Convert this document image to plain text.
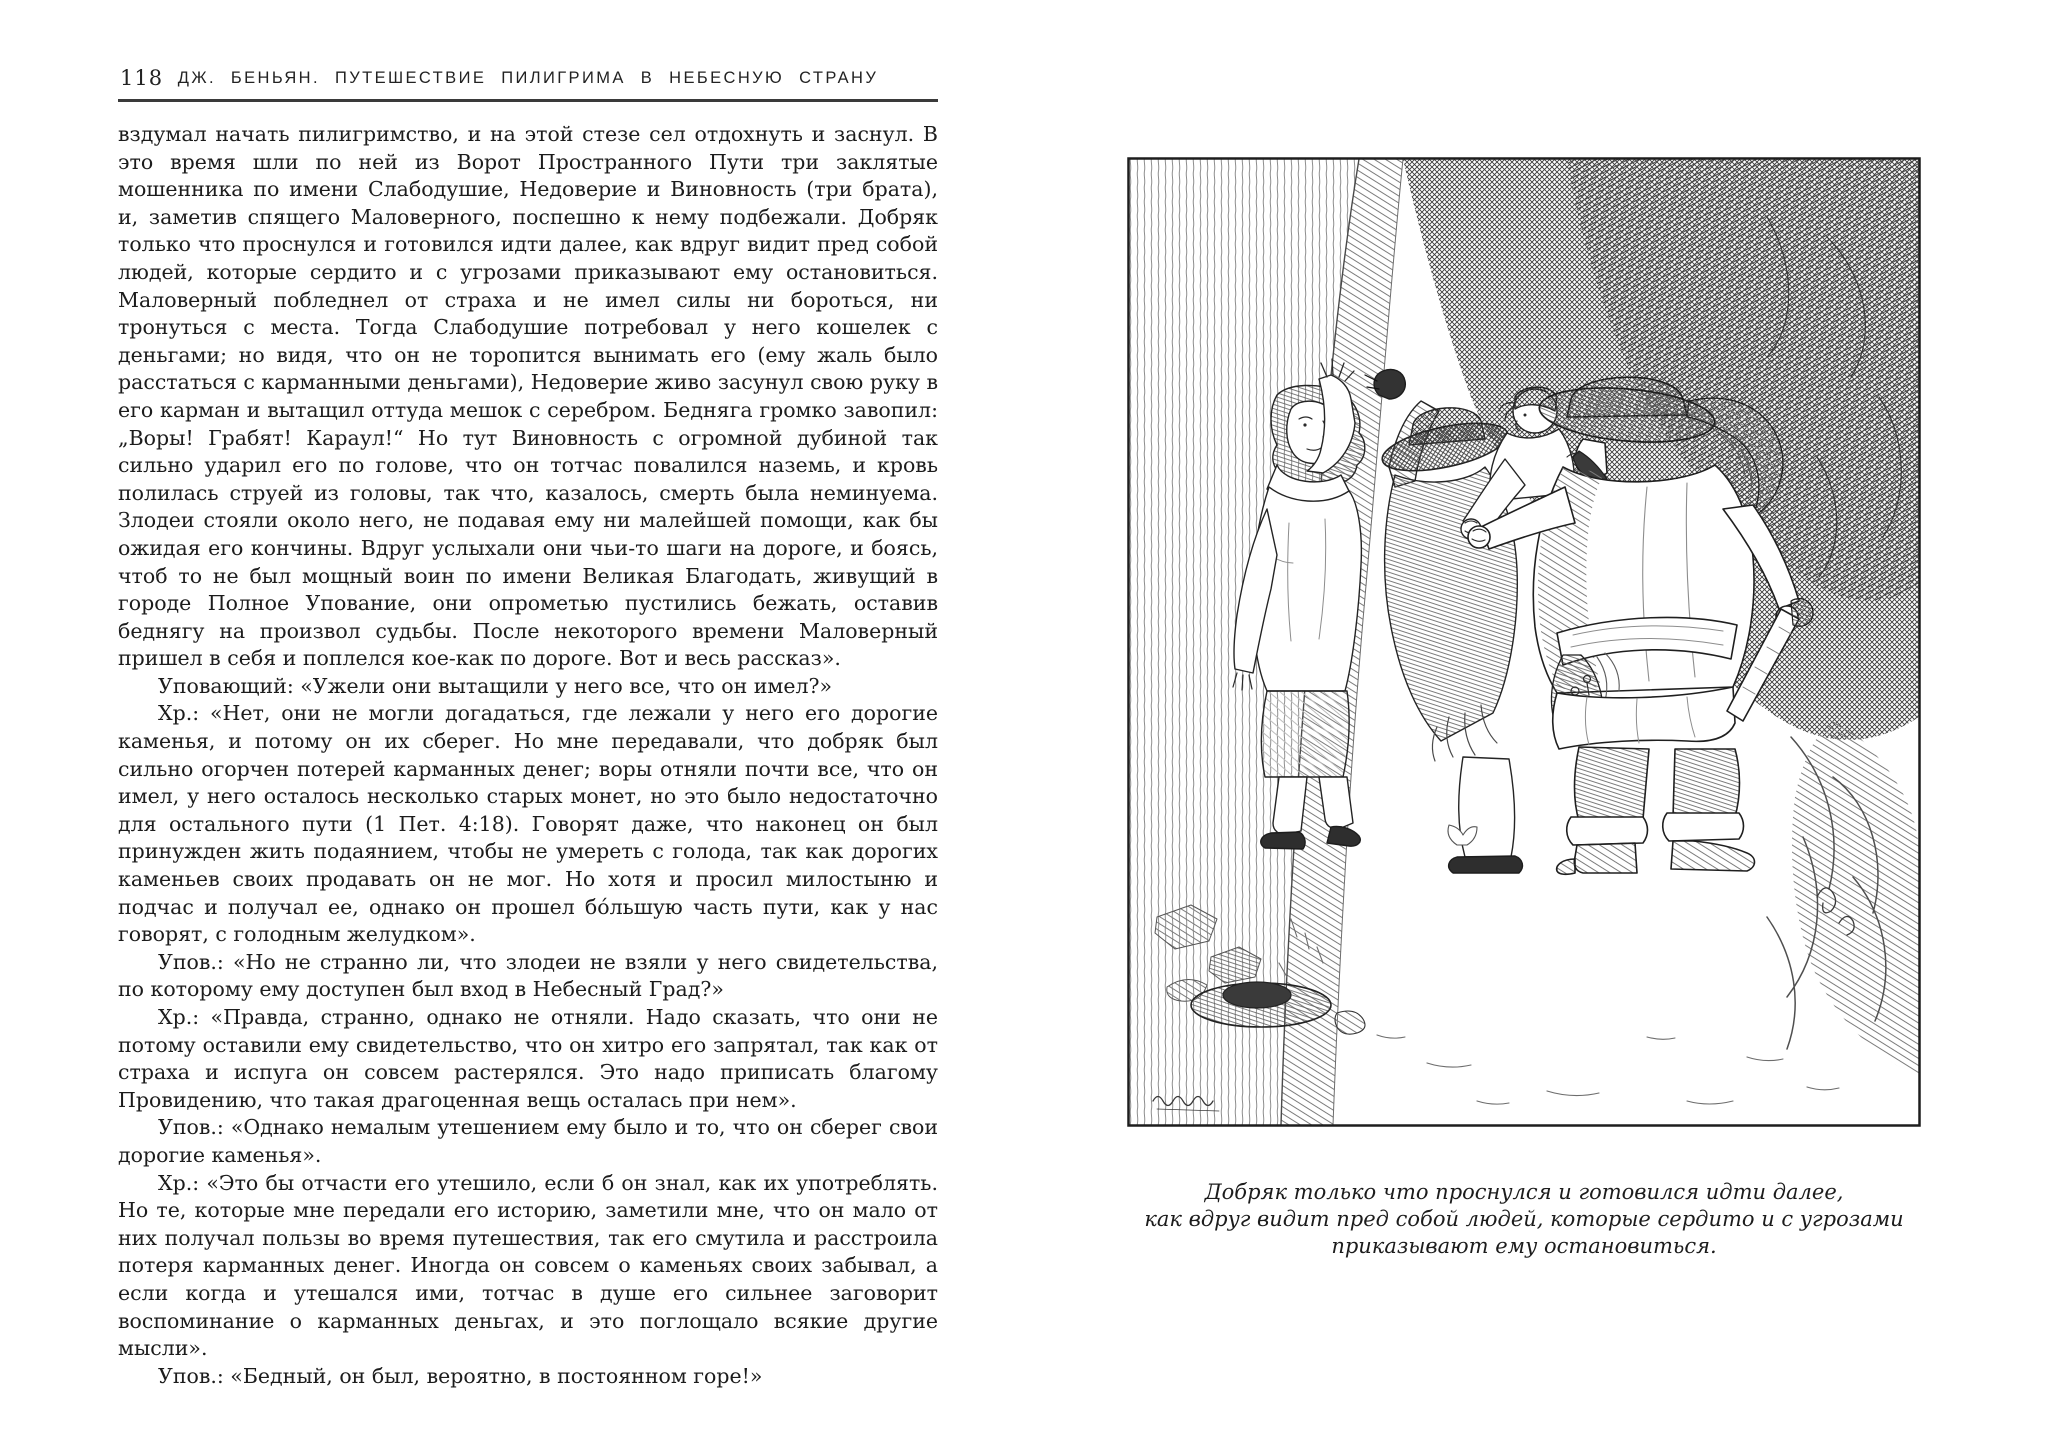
118 ДЖ. БЕНЬЯН. ПУТЕШЕСТВИЕ ПИЛИГРИМА В НЕБЕСНУЮ СТРАНУ

вздумал начать пилигримство, и на этой стезе сел отдохнуть и заснул. В это время шли по ней из Ворот Пространного Пути три заклятые мошенника по имени Слабодушие, Недоверие и Виновность (три брата), и, заметив спящего Маловерного, поспешно к нему подбежали. Добряк только что проснулся и готовился идти далее, как вдруг видит пред собой людей, которые сердито и с угрозами приказывают ему остановиться. Маловерный побледнел от страха и не имел силы ни бороться, ни тронуться с места. Тогда Слабодушие потребовал у него кошелек с деньгами; но видя, что он не торопится вынимать его (ему жаль было расстаться с карманными деньгами), Недоверие живо засунул свою руку в его карман и вытащил оттуда мешок с серебром. Бедняга громко завопил: „Воры! Грабят! Караул!“ Но тут Виновность с огромной дубиной так сильно ударил его по голове, что он тотчас повалился наземь, и кровь полилась струей из головы, так что, казалось, смерть была неминуема. Злодеи стояли около него, не подавая ему ни малейшей помощи, как бы ожидая его кончины. Вдруг услыхали они чьи-то шаги на дороге, и боясь, чтоб то не был мощный воин по имени Великая Благодать, живущий в городе Полное Упование, они опрометью пустились бежать, оставив беднягу на произвол судьбы. После некоторого времени Маловерный пришел в себя и поплелся кое-как по дороге. Вот и весь рассказ».

Уповающий: «Ужели они вытащили у него все, что он имел?»

Хр.: «Нет, они не могли догадаться, где лежали у него его дорогие каменья, и потому он их сберег. Но мне передавали, что добряк был сильно огорчен потерей карманных денег; воры отняли почти все, что он имел, у него осталось несколько старых монет, но это было недостаточно для остального пути (1 Пет. 4:18). Говорят даже, что наконец он был принужден жить подаянием, чтобы не умереть с голода, так как дорогих каменьев своих продавать он не мог. Но хотя и просил милостыню и подчас и получал ее, однако он прошел бо́льшую часть пути, как у нас говорят, с голодным желудком».

Упов.: «Но не странно ли, что злодеи не взяли у него свидетельства, по которому ему доступен был вход в Небесный Град?»

Хр.: «Правда, странно, однако не отняли. Надо сказать, что они не потому оставили ему свидетельство, что он хитро его запрятал, так как от страха и испуга он совсем растерялся. Это надо приписать благому Провидению, что такая драгоценная вещь осталась при нем».

Упов.: «Однако немалым утешением ему было и то, что он сберег свои дорогие каменья».

Хр.: «Это бы отчасти его утешило, если б он знал, как их употреблять. Но те, которые мне передали его историю, заметили мне, что он мало от них получал пользы во время путешествия, так его смутила и расстроила потеря карманных денег. Иногда он совсем о каменьях своих забывал, а если когда и утешался ими, тотчас в душе его сильнее заговорит воспоминание о карманных деньгах, и это поглощало всякие другие мысли».

Упов.: «Бедный, он был, вероятно, в постоянном горе!»

Добряк только что проснулся и готовился идти далее,
как вдруг видит пред собой людей, которые сердито и с угрозами
приказывают ему остановиться.
